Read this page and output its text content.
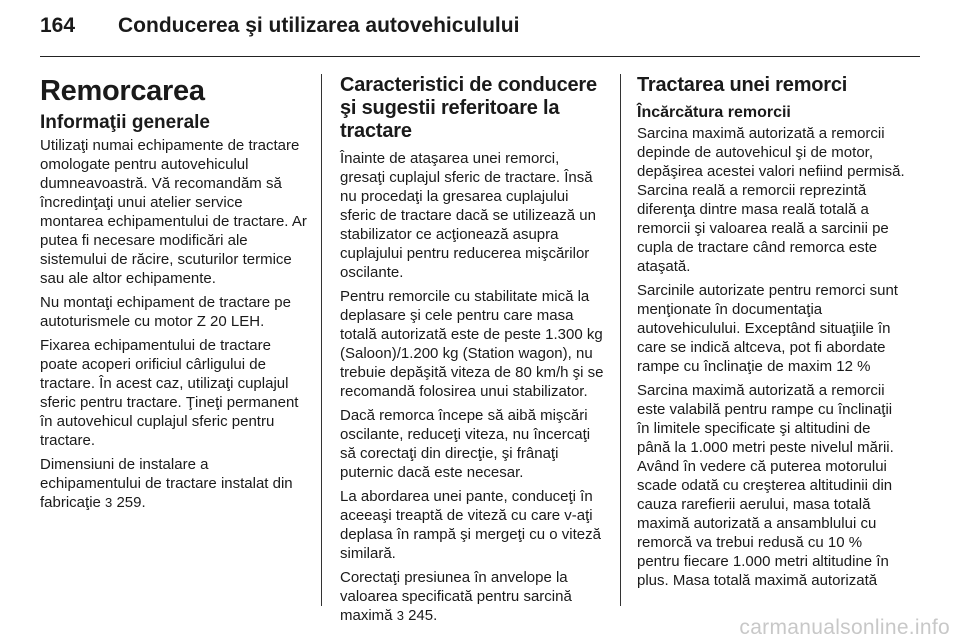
164 Conducerea şi utilizarea autovehiculului
Remorcarea
Informaţii generale

Utilizaţi numai echipamente de tractare omologate pentru autovehiculul dumneavoastră. Vă recomandăm să încredinţaţi unui atelier service montarea echipamentului de tractare. Ar putea fi necesare modificări ale sistemului de răcire, scuturilor termice sau ale altor echipamente.

Nu montaţi echipament de tractare pe autoturismele cu motor Z 20 LEH.

Fixarea echipamentului de tractare poate acoperi orificiul cârligului de tractare. În acest caz, utilizaţi cuplajul sferic pentru tractare. Ţineţi permanent în autovehicul cuplajul sferic pentru tractare.

Dimensiuni de instalare a echipamentului de tractare instalat din fabricaţie 3 259.

Caracteristici de conducere şi sugestii referitoare la tractare

Înainte de ataşarea unei remorci, gresaţi cuplajul sferic de tractare. Însă nu procedaţi la gresarea cuplajului sferic de tractare dacă se utilizează un stabilizator ce acţionează asupra cuplajului pentru reducerea mişcărilor oscilante.

Pentru remorcile cu stabilitate mică la deplasare şi cele pentru care masa totală autorizată este de peste 1.300 kg (Saloon)/1.200 kg (Station wagon), nu trebuie depăşită viteza de 80 km/h şi se recomandă folosirea unui stabilizator.

Dacă remorca începe să aibă mişcări oscilante, reduceţi viteza, nu încercaţi să corectaţi din direcţie, şi frânaţi puternic dacă este necesar.

La abordarea unei pante, conduceţi în aceeaşi treaptă de viteză cu care v-aţi deplasa în rampă şi mergeţi cu o viteză similară.

Corectaţi presiunea în anvelope la valoarea specificată pentru sarcină maximă 3 245.

Tractarea unei remorci
Încărcătura remorcii

Sarcina maximă autorizată a remorcii depinde de autovehicul şi de motor, depăşirea acestei valori nefiind permisă. Sarcina reală a remorcii reprezintă diferenţa dintre masa reală totală a remorcii şi valoarea reală a sarcinii pe cupla de tractare când remorca este ataşată.

Sarcinile autorizate pentru remorci sunt menţionate în documentaţia autovehiculului. Exceptând situaţiile în care se indică altceva, pot fi abordate rampe cu înclinaţie de maxim 12 %

Sarcina maximă autorizată a remorcii este valabilă pentru rampe cu înclinaţii în limitele specificate şi altitudini de până la 1.000 metri peste nivelul mării. Având în vedere că puterea motorului scade odată cu creşterea altitudinii din cauza rarefierii aerului, masa totală maximă autorizată a ansamblului cu remorcă va trebui redusă cu 10 % pentru fiecare 1.000 metri altitudine în plus. Masa totală maximă autorizată

carmanualsonline.info
